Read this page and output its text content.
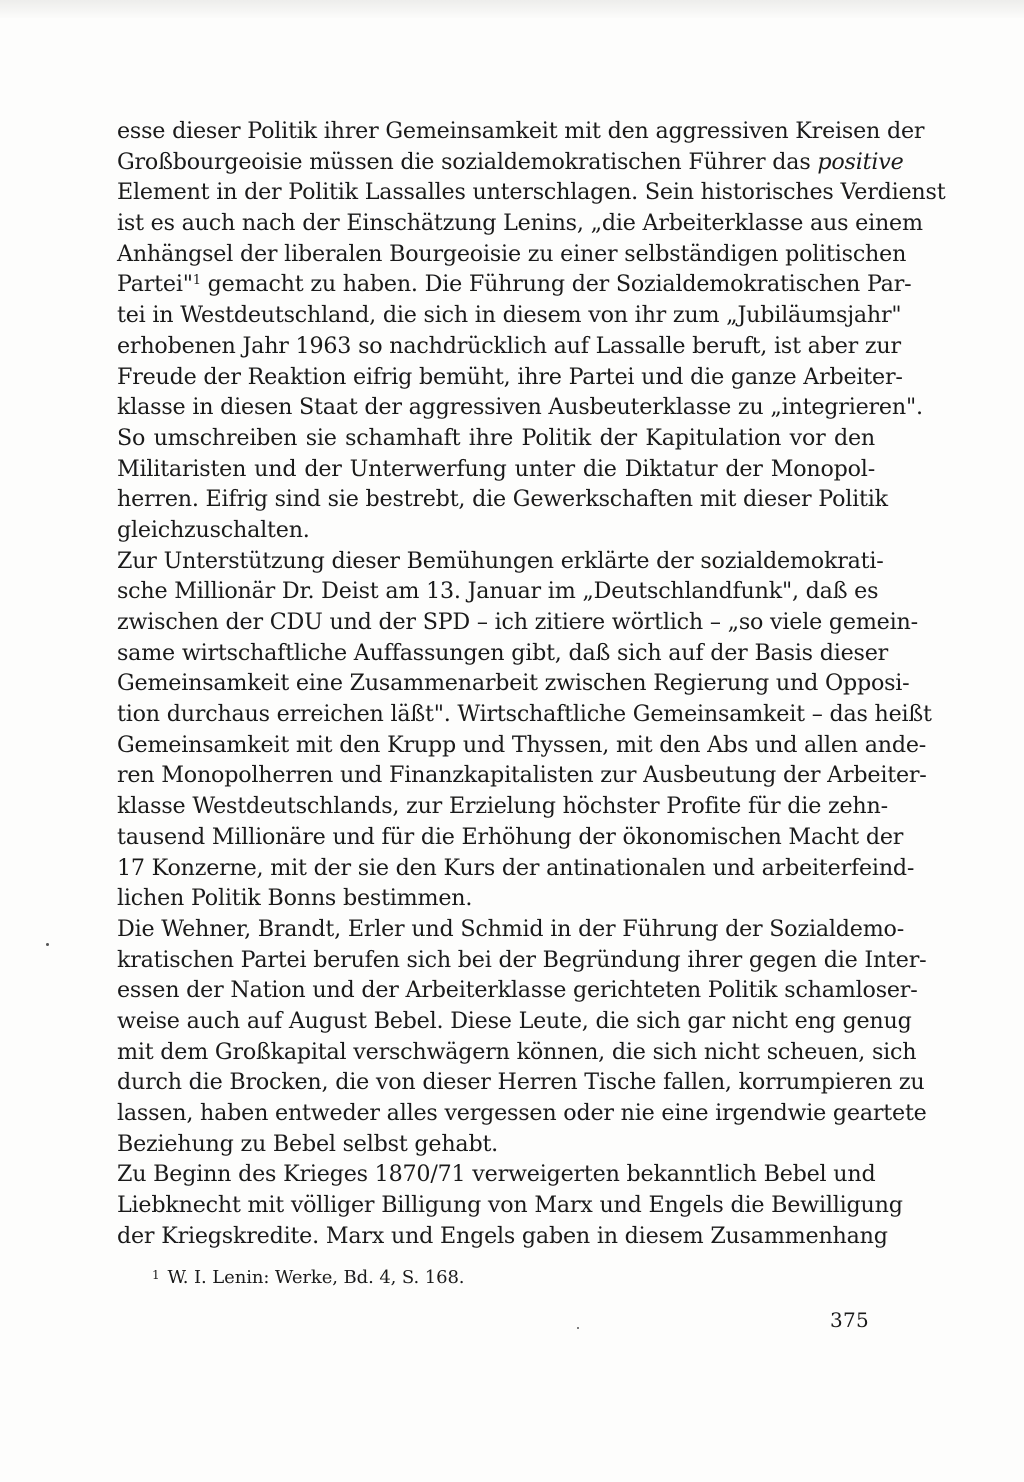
esse dieser Politik ihrer Gemeinsamkeit mit den aggressiven Kreisen der
Großbourgeoisie müssen die sozialdemokratischen Führer das positive
Element in der Politik Lassalles unterschlagen. Sein historisches Verdienst
ist es auch nach der Einschätzung Lenins, „die Arbeiterklasse aus einem
Anhängsel der liberalen Bourgeoisie zu einer selbständigen politischen
Partei"$^1$ gemacht zu haben. Die Führung der Sozialdemokratischen Par-
tei in Westdeutschland, die sich in diesem von ihr zum „Jubiläumsjahr"
erhobenen Jahr 1963 so nachdrücklich auf Lassalle beruft, ist aber zur
Freude der Reaktion eifrig bemüht, ihre Partei und die ganze Arbeiter-
klasse in diesen Staat der aggressiven Ausbeuterklasse zu „integrieren".
So umschreiben sie schamhaft ihre Politik der Kapitulation vor den
Militaristen und der Unterwerfung unter die Diktatur der Monopol-
herren. Eifrig sind sie bestrebt, die Gewerkschaften mit dieser Politik
gleichzuschalten.
Zur Unterstützung dieser Bemühungen erklärte der sozialdemokrati-
sche Millionär Dr. Deist am 13. Januar im „Deutschlandfunk", daß es
zwischen der CDU und der SPD – ich zitiere wörtlich – „so viele gemein-
same wirtschaftliche Auffassungen gibt, daß sich auf der Basis dieser
Gemeinsamkeit eine Zusammenarbeit zwischen Regierung und Opposi-
tion durchaus erreichen läßt". Wirtschaftliche Gemeinsamkeit – das heißt
Gemeinsamkeit mit den Krupp und Thyssen, mit den Abs und allen ande-
ren Monopolherren und Finanzkapitalisten zur Ausbeutung der Arbeiter-
klasse Westdeutschlands, zur Erzielung höchster Profite für die zehn-
tausend Millionäre und für die Erhöhung der ökonomischen Macht der
17 Konzerne, mit der sie den Kurs der antinationalen und arbeiterfeind-
lichen Politik Bonns bestimmen.
Die Wehner, Brandt, Erler und Schmid in der Führung der Sozialdemo-
kratischen Partei berufen sich bei der Begründung ihrer gegen die Inter-
essen der Nation und der Arbeiterklasse gerichteten Politik schamloser-
weise auch auf August Bebel. Diese Leute, die sich gar nicht eng genug
mit dem Großkapital verschwägern können, die sich nicht scheuen, sich
durch die Brocken, die von dieser Herren Tische fallen, korrumpieren zu
lassen, haben entweder alles vergessen oder nie eine irgendwie geartete
Beziehung zu Bebel selbst gehabt.
Zu Beginn des Krieges 1870/71 verweigerten bekanntlich Bebel und
Liebknecht mit völliger Billigung von Marx und Engels die Bewilligung
der Kriegskredite. Marx und Engels gaben in diesem Zusammenhang
$^1$ W. I. Lenin: Werke, Bd. 4, S. 168.
375
